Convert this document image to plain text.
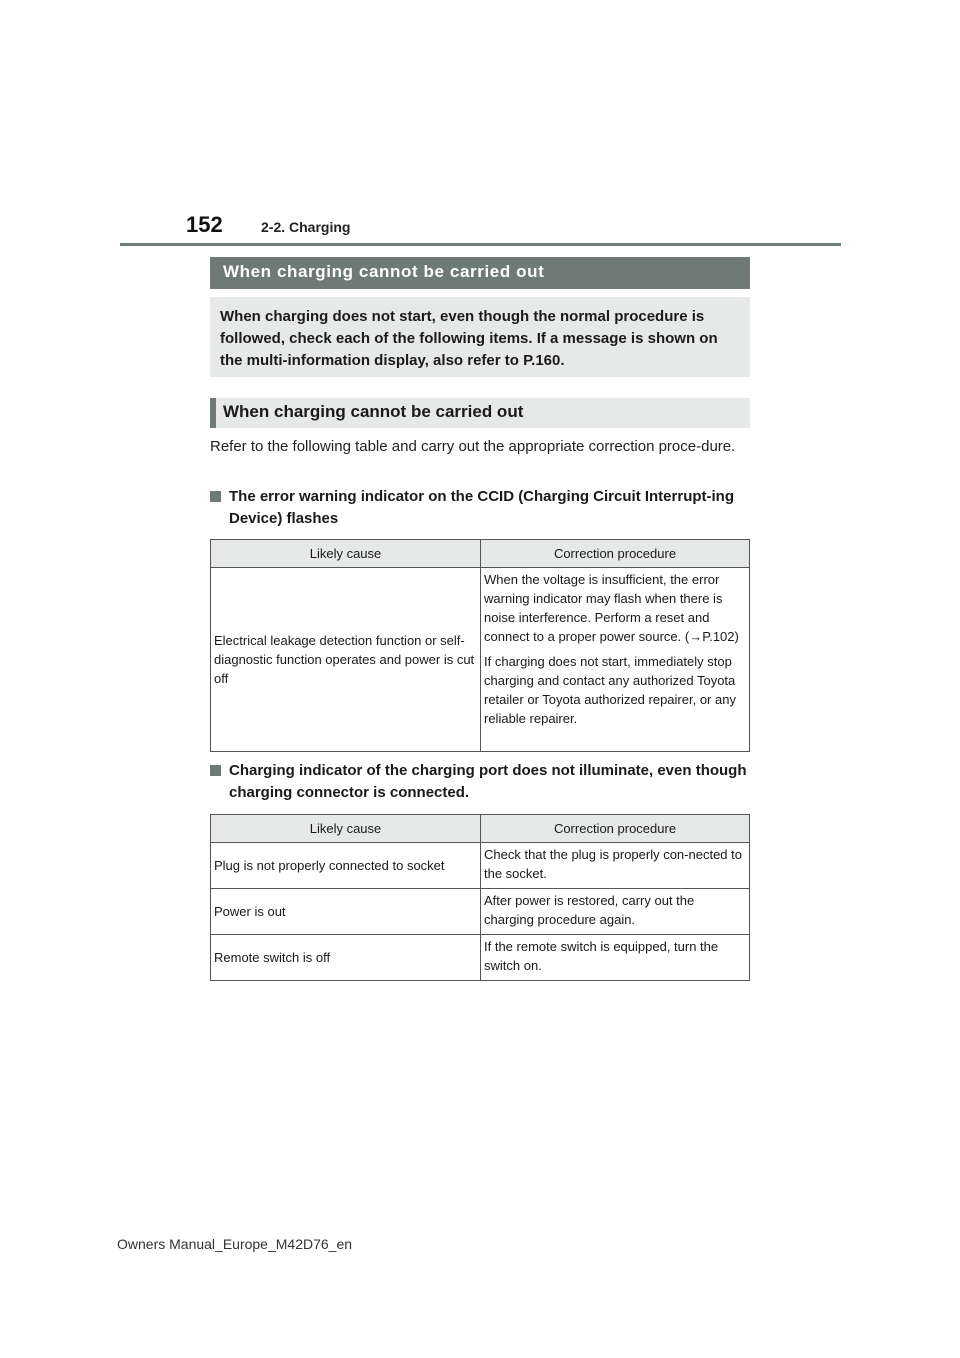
152	2-2. Charging
When charging cannot be carried out
When charging does not start, even though the normal procedure is followed, check each of the following items. If a message is shown on the multi-information display, also refer to P.160.
When charging cannot be carried out
Refer to the following table and carry out the appropriate correction proce-dure.
The error warning indicator on the CCID (Charging Circuit Interrupt-ing Device) flashes
Likely cause	Correction procedure
Electrical leakage detection function or self-diagnostic function operates and power is cut off	When the voltage is insufficient, the error warning indicator may flash when there is noise interference. Perform a reset and connect to a proper power source. (→P.102)

If charging does not start, immediately stop charging and contact any authorized Toyota retailer or Toyota authorized repairer, or any reliable repairer.

Charging indicator of the charging port does not illuminate, even though charging connector is connected.
Likely cause	Correction procedure
Plug is not properly connected to socket	Check that the plug is properly con-nected to the socket.
Power is out	After power is restored, carry out the charging procedure again.
Remote switch is off	If the remote switch is equipped, turn the switch on.
Owners Manual_Europe_M42D76_en
